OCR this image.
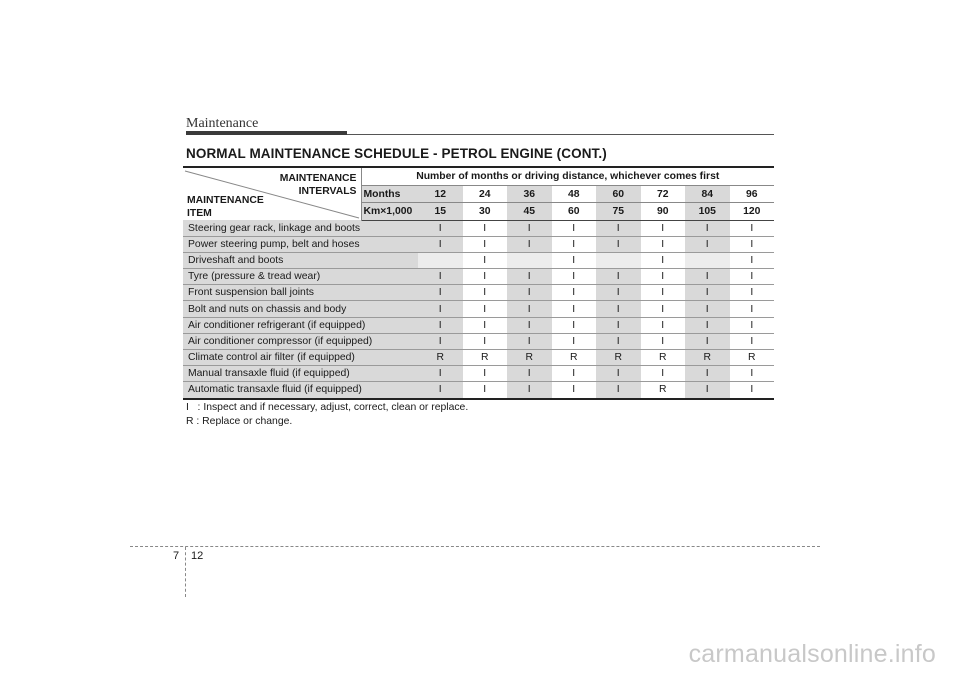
Maintenance
NORMAL MAINTENANCE SCHEDULE - PETROL ENGINE (CONT.)
MAINTENANCE
INTERVALS
MAINTENANCE
ITEM	Number of months or driving distance, whichever comes first								
	Months	12	24	36	48	60	72	84	96
	Km×1,000	15	30	45	60	75	90	105	120
Steering gear rack, linkage and boots		I	I	I	I	I	I	I	I
Power steering pump, belt and hoses		I	I	I	I	I	I	I	I
Driveshaft and boots			I		I		I		I
Tyre (pressure & tread wear)		I	I	I	I	I	I	I	I
Front suspension ball joints		I	I	I	I	I	I	I	I
Bolt and nuts on chassis and body		I	I	I	I	I	I	I	I
Air conditioner refrigerant (if equipped)		I	I	I	I	I	I	I	I
Air conditioner compressor (if equipped)		I	I	I	I	I	I	I	I
Climate control air filter (if equipped)		R	R	R	R	R	R	R	R
Manual transaxle fluid (if equipped)		I	I	I	I	I	I	I	I
Automatic transaxle fluid (if equipped)		I	I	I	I	I	R	I	I
I   : Inspect and if necessary, adjust, correct, clean or replace.
R : Replace or change.
7 12
carmanualsonline.info
